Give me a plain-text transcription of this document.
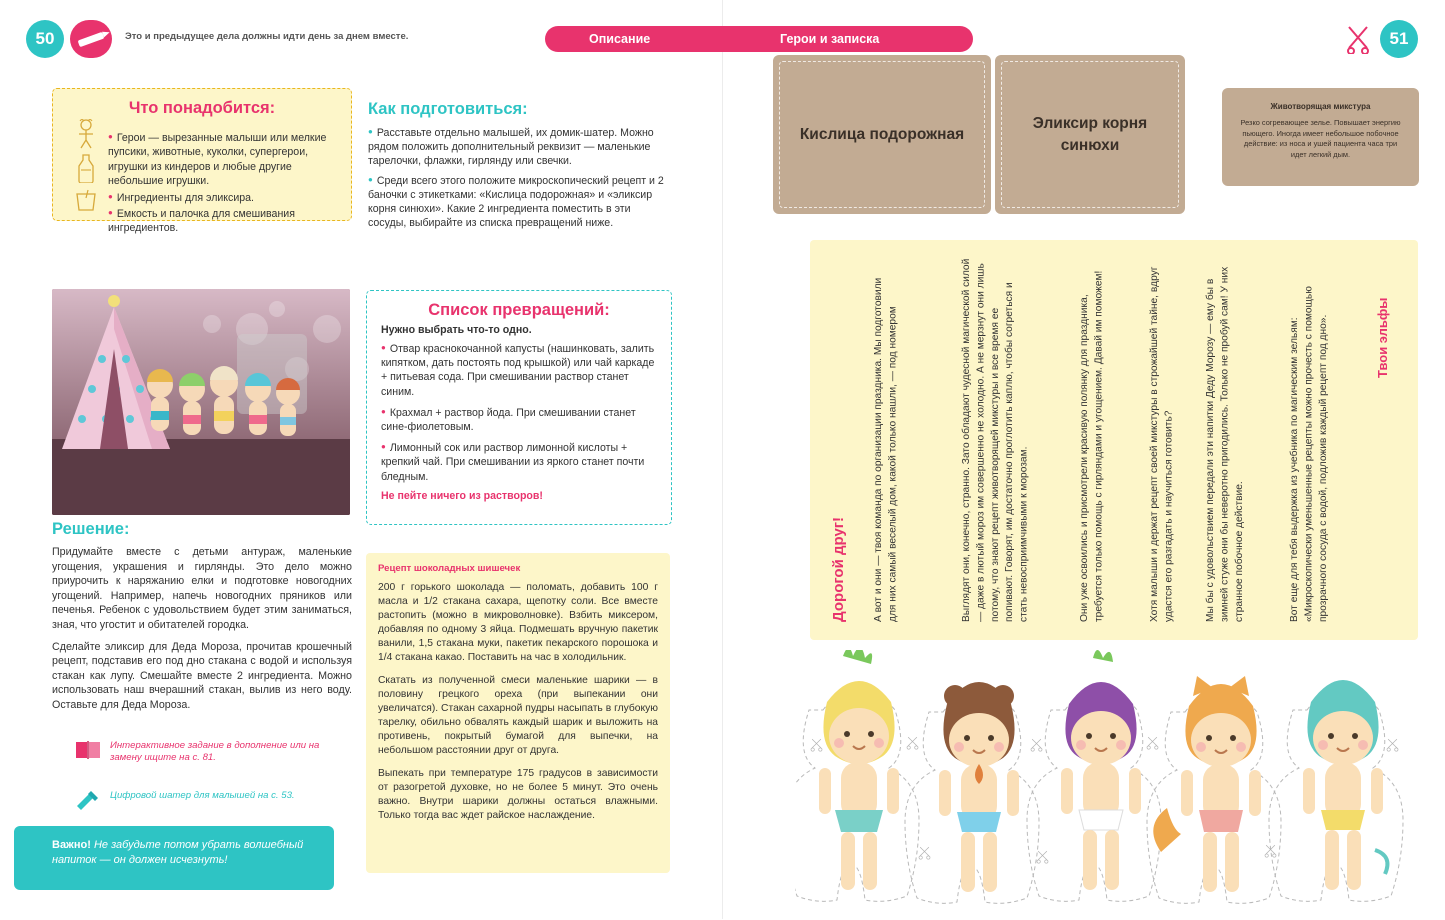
50	Это и предыдущее дела должны идти день за днем вместе.
Что понадобится:
● Герои — вырезанные малыши или мелкие пупсики, животные, куколки, супергерои, игрушки из киндеров и любые другие небольшие игрушки.
● Ингредиенты для эликсира.
● Емкость и палочка для смешивания ингредиентов.
Как подготовиться:

● Расставьте отдельно малышей, их домик-шатер. Можно рядом положить дополнительный реквизит — маленькие тарелочки, флажки, гирлянду или свечки.

● Среди всего этого положите микроскопический рецепт и 2 баночки с этикетками: «Кислица подорожная» и «эликсир корня синюхи». Какие 2 ингредиента поместить в эти сосуды, выбирайте из списка превращений ниже.

Список превращений:
Нужно выбрать что-то одно.
● Отвар краснокочанной капусты (нашинковать, залить кипятком, дать постоять под крышкой) или чай каркаде + питьевая сода. При смешивании раствор станет синим.
● Крахмал + раствор йода. При смешивании станет сине-фиолетовым.
● Лимонный сок или раствор лимонной кислоты + крепкий чай. При смешивании из яркого станет почти бледным.
Не пейте ничего из растворов!
Решение:

Придумайте вместе с детьми антураж, маленькие угощения, украшения и гирлянды. Это дело можно приурочить к наряжанию елки и подготовке новогодних угощений. Например, напечь новогодних пряников или печенья. Ребенок с удовольствием будет этим заниматься, зная, что угостит и обитателей городка.

Сделайте эликсир для Деда Мороза, прочитав крошечный рецепт, подставив его под дно стакана с водой и используя стакан как лупу. Смешайте вместе 2 ингредиента. Можно использовать наш вчерашний стакан, вылив из него воду. Оставьте для Деда Мороза.

Интерактивное задание в дополнение или на замену ищите на с. 81.
Цифровой шатер для малышей на с. 53.
Важно! Не забудьте потом убрать волшебный напиток — он должен исчезнуть!
Рецепт шоколадных шишечек

200 г горького шоколада — поломать, добавить 100 г масла и 1/2 стакана сахара, щепотку соли. Все вместе растопить (можно в микроволновке). Взбить миксером, добавляя по одному 3 яйца. Подмешать вручную пакетик ванили, 1,5 стакана муки, пакетик пекарского порошока и 1/4 стакана какао. Поставить на час в холодильник.

Скатать из полученной смеси маленькие шарики — в половину грецкого ореха (при выпекании они увеличатся). Стакан сахарной пудры насыпать в глубокую тарелку, обильно обвалять каждый шарик и выложить на противень, покрытый бумагой для выпечки, на небольшом расстоянии друг от друга.

Выпекать при температуре 175 градусов в зависимости от разогретой духовке, но не более 5 минут. Это очень важно. Внутри шарики должны остаться влажными. Только тогда вас ждет райское наслаждение.

Описание	Герои и записка	51
Кислица подорожная
Эликсир корня синюхи
Животворящая микстура
Резко согревающее зелье. Повышает энергию пьющего. Иногда имеет небольшое побочное действие: из носа и ушей пациента часа три идет легкий дым.
Дорогой друг!	А вот и они — твоя команда по организации праздника. Мы подготовили для них самый веселый дом, какой только нашли, — под номером	Выглядят они, конечно, странно. Зато обладают чудесной магической силой — даже в лютый мороз им совершенно не холодно. А не мерзнут они лишь потому, что знают рецепт животворящей микстуры и все время ее попивают. Говорят, им достаточно проглотить каплю, чтобы согреться и стать невосприимчивыми к морозам.	Они уже освоились и присмотрели красивую полянку для праздника, требуется только помощь с гирляндами и угощением. Давай им поможем!	Хотя малыши и держат рецепт своей микстуры в строжайшей тайне, вдруг удастся его разгадать и научиться готовить?	Мы бы с удовольствием передали эти напитки Деду Морозу — ему бы в зимней стуже они бы неверотно пригодились. Только не пробуй сам! У них странное побочное действие.	Вот еще для тебя выдержка из учебника по магическим зельям: «Микроскопически уменьшенные рецепты можно прочесть с помощью прозрачного сосуда с водой, подложив каждый рецепт под дно».	Твои эльфы
